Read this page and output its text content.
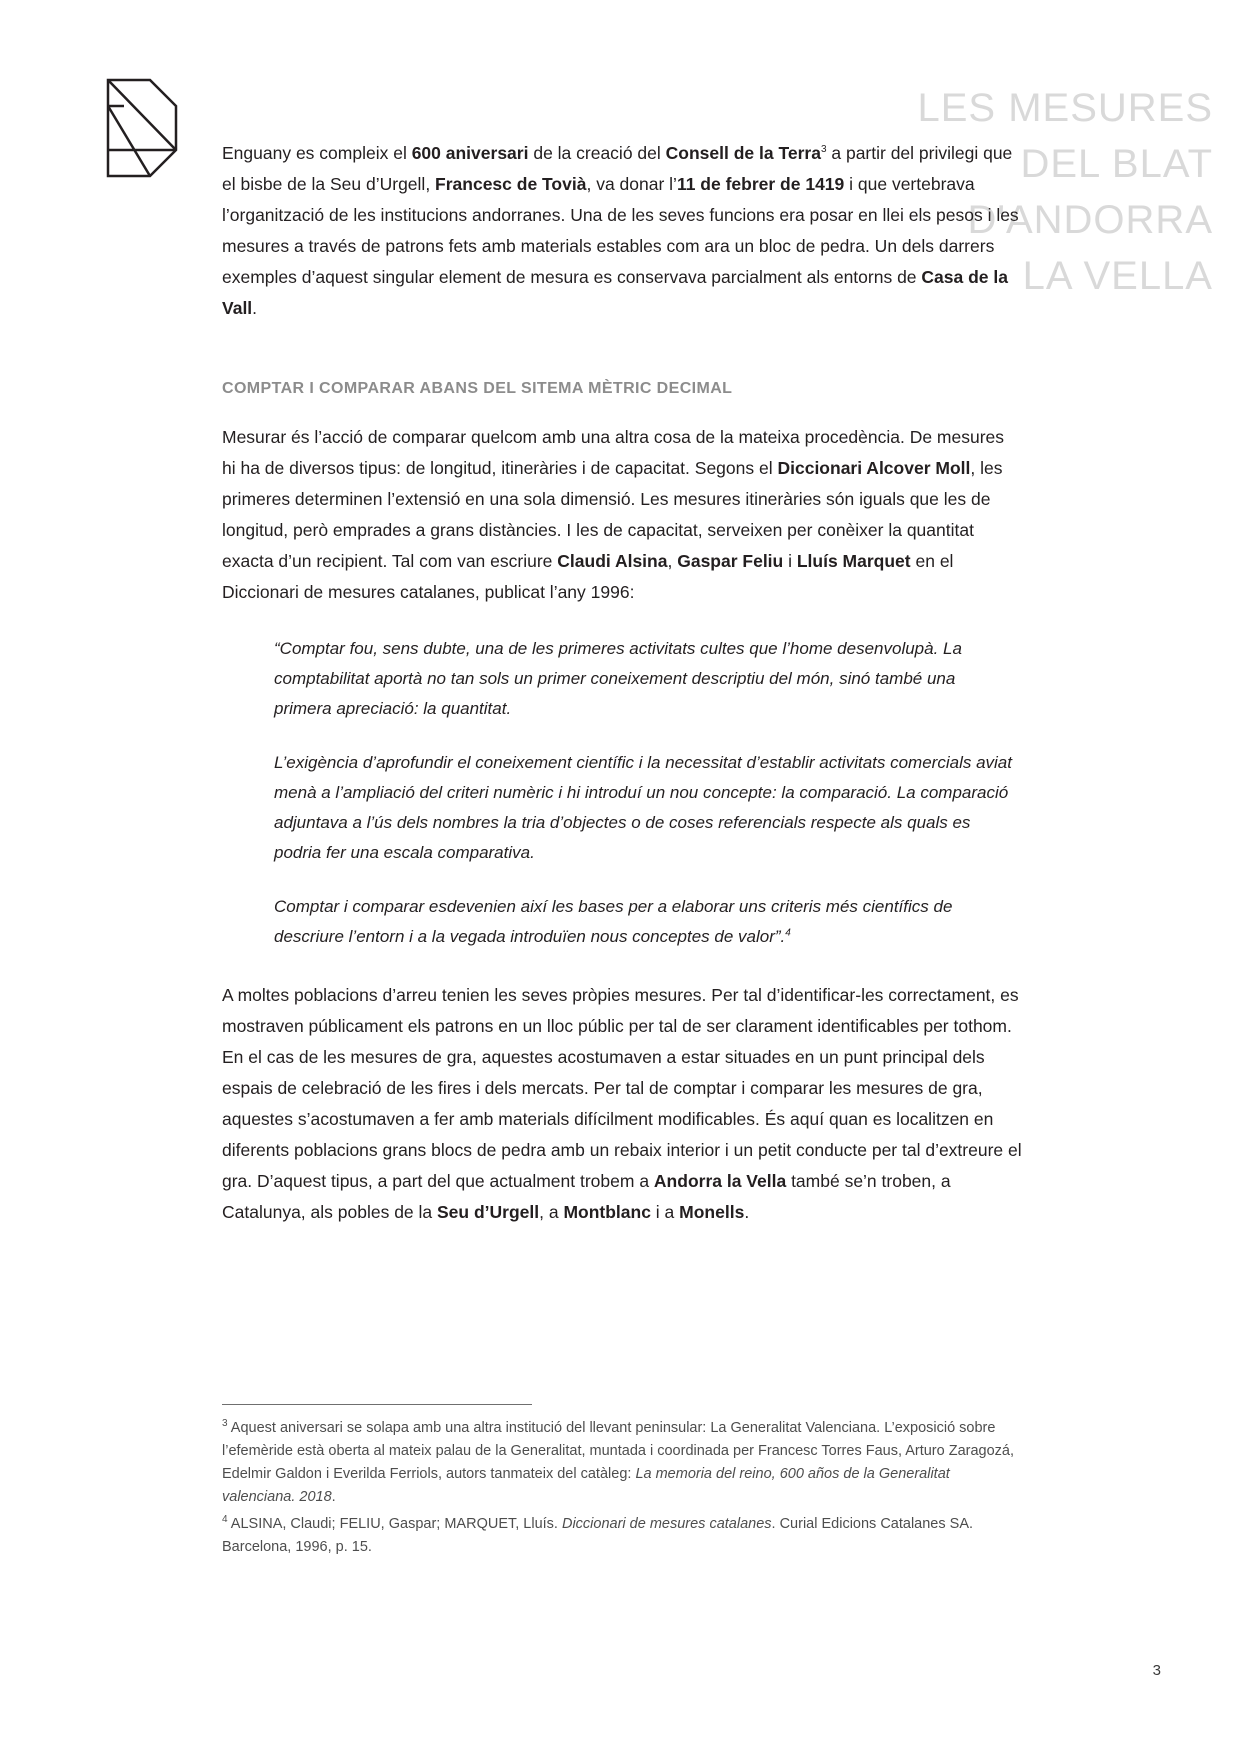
LES MESURES
DEL BLAT
D'ANDORRA
LA VELLA

Enguany es compleix el 600 aniversari de la creació del Consell de la Terra$^3$ a partir del privilegi que el bisbe de la Seu d’Urgell, Francesc de Tovià, va donar l’11 de febrer de 1419 i que vertebrava l’organització de les institucions andorranes. Una de les seves funcions era posar en llei els pesos i les mesures a través de patrons fets amb materials estables com ara un bloc de pedra. Un dels darrers exemples d’aquest singular element de mesura es conservava parcialment als entorns de Casa de la Vall.

COMPTAR I COMPARAR ABANS DEL SITEMA MÈTRIC DECIMAL

Mesurar és l’acció de comparar quelcom amb una altra cosa de la mateixa procedència. De mesures hi ha de diversos tipus: de longitud, itineràries i de capacitat. Segons el Diccionari Alcover Moll, les primeres determinen l’extensió en una sola dimensió. Les mesures itineràries són iguals que les de longitud, però emprades a grans distàncies. I les de capacitat, serveixen per conèixer la quantitat exacta d’un recipient. Tal com van escriure Claudi Alsina, Gaspar Feliu i Lluís Marquet en el Diccionari de mesures catalanes, publicat l’any 1996:

“Comptar fou, sens dubte, una de les primeres activitats cultes que l’home desenvolupà. La comptabilitat aportà no tan sols un primer coneixement descriptiu del món, sinó també una primera apreciació: la quantitat.

L’exigència d’aprofundir el coneixement científic i la necessitat d’establir activitats comercials aviat menà a l’ampliació del criteri numèric i hi introduí un nou concepte: la comparació. La comparació adjuntava a l’ús dels nombres la tria d’objectes o de coses referencials respecte als quals es podria fer una escala comparativa.

Comptar i comparar esdevenien així les bases per a elaborar uns criteris més científics de descriure l’entorn i a la vegada introduïen nous conceptes de valor”.$^4$

A moltes poblacions d’arreu tenien les seves pròpies mesures. Per tal d’identificar-les correctament, es mostraven públicament els patrons en un lloc públic per tal de ser clarament identificables per tothom. En el cas de les mesures de gra, aquestes acostumaven a estar situades en un punt principal dels espais de celebració de les fires i dels mercats. Per tal de comptar i comparar les mesures de gra, aquestes s’acostumaven a fer amb materials difícilment modificables. És aquí quan es localitzen en diferents poblacions grans blocs de pedra amb un rebaix interior i un petit conducte per tal d’extreure el gra. D’aquest tipus, a part del que actualment trobem a Andorra la Vella també se’n troben, a Catalunya, als pobles de la Seu d’Urgell, a Montblanc i a Monells.

$^3$ Aquest aniversari se solapa amb una altra institució del llevant peninsular: La Generalitat Valenciana. L’exposició sobre l’efemèride està oberta al mateix palau de la Generalitat, muntada i coordinada per Francesc Torres Faus, Arturo Zaragozá, Edelmir Galdon i Everilda Ferriols, autors tanmateix del catàleg: La memoria del reino, 600 años de la Generalitat valenciana. 2018.

$^4$ ALSINA, Claudi; FELIU, Gaspar; MARQUET, Lluís. Diccionari de mesures catalanes. Curial Edicions Catalanes SA. Barcelona, 1996, p. 15.

3
